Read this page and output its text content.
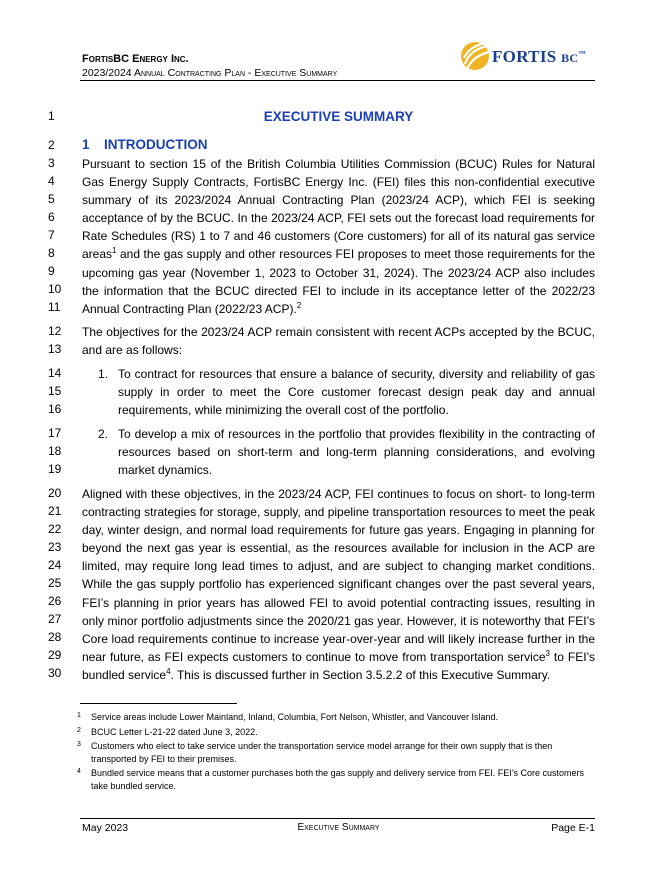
FortisBC Energy Inc.
2023/2024 Annual Contracting Plan - Executive Summary
FORTIS BC™
EXECUTIVE SUMMARY
1 INTRODUCTION
1
2
3
4
5
6
7
8
9
10
11
12
13
14
15
16
17
18
19
20
21
22
23
24
25
26
27
28
29
30
Pursuant to section 15 of the British Columbia Utilities Commission (BCUC) Rules for Natural Gas Energy Supply Contracts, FortisBC Energy Inc. (FEI) files this non-confidential executive summary of its 2023/2024 Annual Contracting Plan (2023/24 ACP), which FEI is seeking acceptance of by the BCUC. In the 2023/24 ACP, FEI sets out the forecast load requirements for Rate Schedules (RS) 1 to 7 and 46 customers (Core customers) for all of its natural gas service areas$^1$ and the gas supply and other resources FEI proposes to meet those requirements for the upcoming gas year (November 1, 2023 to October 31, 2024). The 2023/24 ACP also includes the information that the BCUC directed FEI to include in its acceptance letter of the 2022/23 Annual Contracting Plan (2022/23 ACP).$^2$
The objectives for the 2023/24 ACP remain consistent with recent ACPs accepted by the BCUC, and are as follows:
1. To contract for resources that ensure a balance of security, diversity and reliability of gas supply in order to meet the Core customer forecast design peak day and annual requirements, while minimizing the overall cost of the portfolio.
2. To develop a mix of resources in the portfolio that provides flexibility in the contracting of resources based on short-term and long-term planning considerations, and evolving market dynamics.
Aligned with these objectives, in the 2023/24 ACP, FEI continues to focus on short- to long-term contracting strategies for storage, supply, and pipeline transportation resources to meet the peak day, winter design, and normal load requirements for future gas years. Engaging in planning for beyond the next gas year is essential, as the resources available for inclusion in the ACP are limited, may require long lead times to adjust, and are subject to changing market conditions. While the gas supply portfolio has experienced significant changes over the past several years, FEI’s planning in prior years has allowed FEI to avoid potential contracting issues, resulting in only minor portfolio adjustments since the 2020/21 gas year. However, it is noteworthy that FEI’s Core load requirements continue to increase year-over-year and will likely increase further in the near future, as FEI expects customers to continue to move from transportation service$^3$ to FEI’s bundled service$^4$. This is discussed further in Section 3.5.2.2 of this Executive Summary.
1 Service areas include Lower Mainland, Inland, Columbia, Fort Nelson, Whistler, and Vancouver Island.
2 BCUC Letter L-21-22 dated June 3, 2022.
3 Customers who elect to take service under the transportation service model arrange for their own supply that is then transported by FEI to their premises.
4 Bundled service means that a customer purchases both the gas supply and delivery service from FEI. FEI’s Core customers take bundled service.
May 2023	Executive Summary	Page E-1
